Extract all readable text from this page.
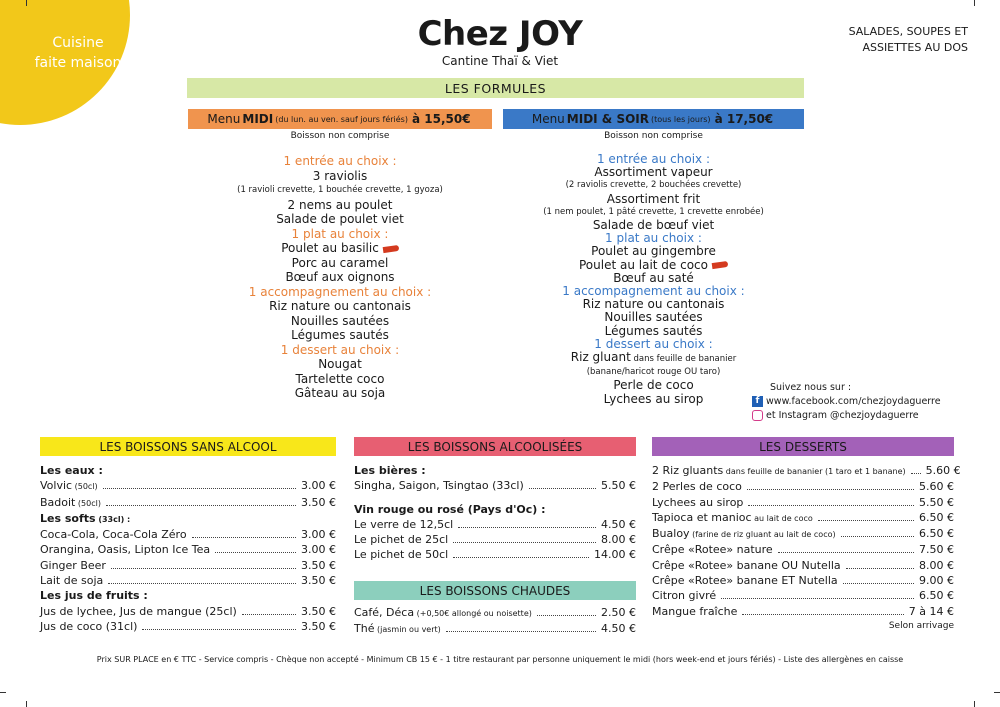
Cuisine
faite maison
Chez JOY
Cantine Thaï & Viet
SALADES, SOUPES ET
ASSIETTES AU DOS
LES FORMULES
Menu MIDI (du lun. au ven. sauf jours fériés) à 15,50€	Menu MIDI & SOIR (tous les jours) à 17,50€
Boisson non comprise	Boisson non comprise
1 entrée au choix :
3 raviolis
(1 ravioli crevette, 1 bouchée crevette, 1 gyoza)
2 nems au poulet
Salade de poulet viet
1 plat au choix :
Poulet au basilic
Porc au caramel
Bœuf aux oignons
1 accompagnement au choix :
Riz nature ou cantonais
Nouilles sautées
Légumes sautés
1 dessert au choix :
Nougat
Tartelette coco
Gâteau au soja
1 entrée au choix :
Assortiment vapeur
(2 raviolis crevette, 2 bouchées crevette)
Assortiment frit
(1 nem poulet, 1 pâté crevette, 1 crevette enrobée)
Salade de bœuf viet
1 plat au choix :
Poulet au gingembre
Poulet au lait de coco
Bœuf au saté
1 accompagnement au choix :
Riz nature ou cantonais
Nouilles sautées
Légumes sautés
1 dessert au choix :
Riz gluant dans feuille de bananier
(banane/haricot rouge OU taro)
Perle de coco
Lychees au sirop
Suivez nous sur :
f www.facebook.com/chezjoydaguerre
et Instagram @chezjoydaguerre
LES BOISSONS SANS ALCOOL
Les eaux :
Volvic (50cl)	3.00 €
Badoit (50cl)	3.50 €
Les softs (33cl) :
Coca-Cola, Coca-Cola Zéro	3.00 €
Orangina, Oasis, Lipton Ice Tea	3.00 €
Ginger Beer	3.50 €
Lait de soja	3.50 €
Les jus de fruits :
Jus de lychee, Jus de mangue (25cl)	3.50 €
Jus de coco (31cl)	3.50 €
LES BOISSONS ALCOOLISÉES
Les bières :
Singha, Saigon, Tsingtao (33cl)	5.50 €
Vin rouge ou rosé (Pays d'Oc) :
Le verre de 12,5cl	4.50 €
Le pichet de 25cl	8.00 €
Le pichet de 50cl	14.00 €
LES BOISSONS CHAUDES
Café, Déca (+0,50€ allongé ou noisette)	2.50 €
Thé (jasmin ou vert)	4.50 €
LES DESSERTS
2 Riz gluants dans feuille de bananier (1 taro et 1 banane) 5.60 €
2 Perles de coco	5.60 €
Lychees au sirop	5.50 €
Tapioca et manioc au lait de coco	6.50 €
Bualoy (farine de riz gluant au lait de coco)	6.50 €
Crêpe «Rotee» nature	7.50 €
Crêpe «Rotee» banane OU Nutella	8.00 €
Crêpe «Rotee» banane ET Nutella	9.00 €
Citron givré	6.50 €
Mangue fraîche	7 à 14 €
Selon arrivage
Prix SUR PLACE en € TTC - Service compris - Chèque non accepté - Minimum CB 15 € - 1 titre restaurant par personne uniquement le midi (hors week-end et jours fériés) - Liste des allergènes en caisse
